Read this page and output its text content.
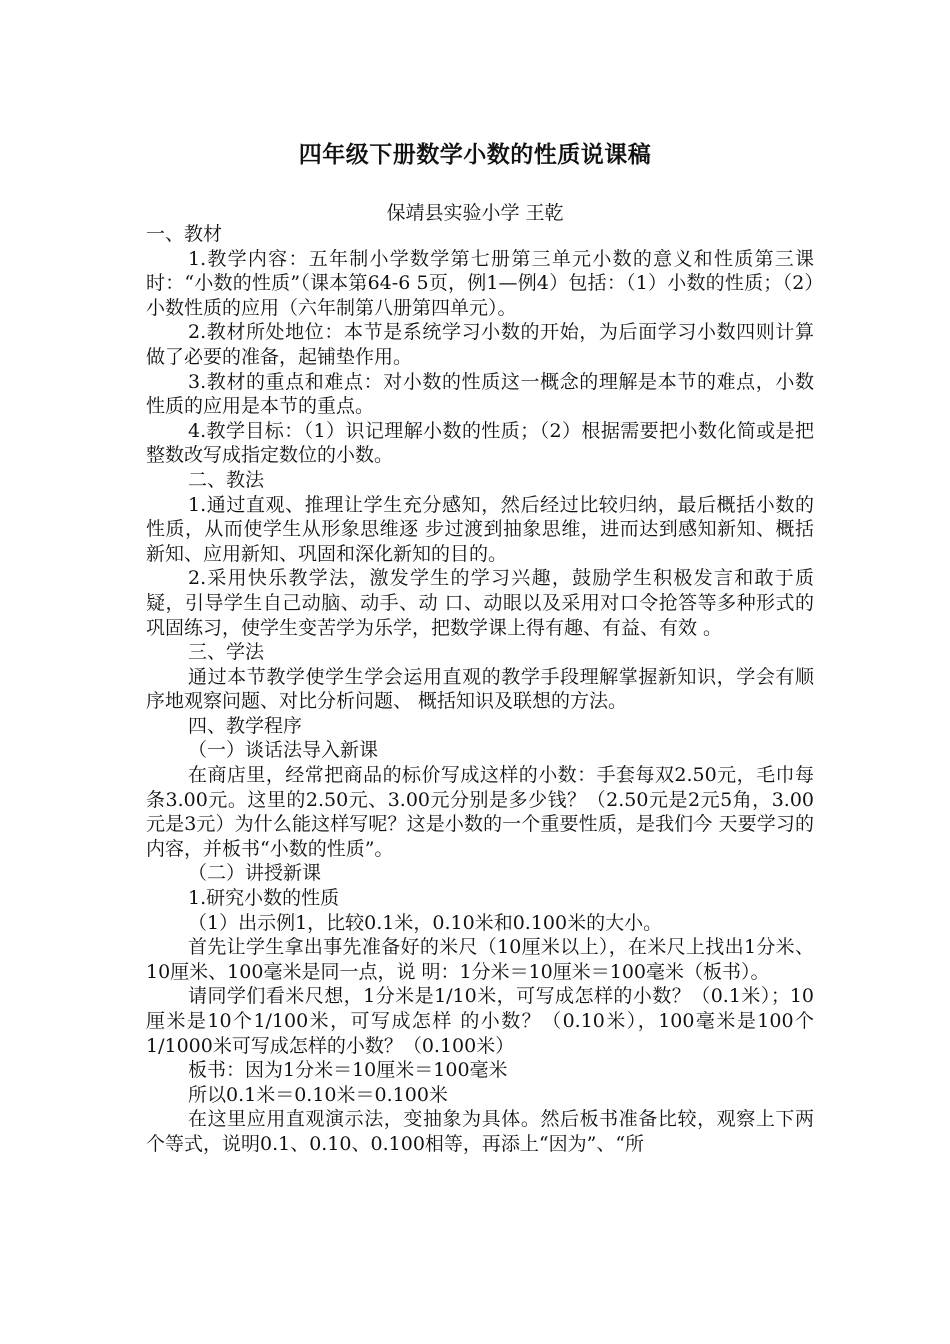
四年级下册数学小数的性质说课稿
保靖县实验小学 王乾

一、教材

1.教学内容：五年制小学数学第七册第三单元小数的意义和性质第三课时：“小数的性质”（课本第64-6 5页，例1—例4）包括：（1）小数的性质；（2）小数性质的应用（六年制第八册第四单元）。

2.教材所处地位：本节是系统学习小数的开始，为后面学习小数四则计算做了必要的准备，起铺垫作用。

3.教材的重点和难点：对小数的性质这一概念的理解是本节的难点，小数性质的应用是本节的重点。

4.教学目标：（1）识记理解小数的性质；（2）根据需要把小数化简或是把整数改写成指定数位的小数。

二、教法

1.通过直观、推理让学生充分感知，然后经过比较归纳，最后概括小数的性质，从而使学生从形象思维逐 步过渡到抽象思维，进而达到感知新知、概括新知、应用新知、巩固和深化新知的目的。

2.采用快乐教学法，激发学生的学习兴趣，鼓励学生积极发言和敢于质疑，引导学生自己动脑、动手、动 口、动眼以及采用对口令抢答等多种形式的巩固练习，使学生变苦学为乐学，把数学课上得有趣、有益、有效 。

三、学法

通过本节教学使学生学会运用直观的教学手段理解掌握新知识，学会有顺序地观察问题、对比分析问题、 概括知识及联想的方法。

四、教学程序

（一）谈话法导入新课

在商店里，经常把商品的标价写成这样的小数：手套每双2.50元，毛巾每条3.00元。这里的2.50元、3.00元分别是多少钱？（2.50元是2元5角，3.00元是3元）为什么能这样写呢？这是小数的一个重要性质，是我们今 天要学习的内容，并板书“小数的性质”。

（二）讲授新课

1.研究小数的性质

（1）出示例1，比较0.1米，0.10米和0.100米的大小。

首先让学生拿出事先准备好的米尺（10厘米以上），在米尺上找出1分米、10厘米、100毫米是同一点，说 明：1分米＝10厘米＝100毫米（板书）。

请同学们看米尺想，1分米是1/10米，可写成怎样的小数？（0.1米）；10厘米是10个1/100米，可写成怎样 的小数？（0.10米），100毫米是100个1/1000米可写成怎样的小数？（0.100米）

板书：因为1分米＝10厘米＝100毫米

所以0.1米＝0.10米＝0.100米

在这里应用直观演示法，变抽象为具体。然后板书准备比较，观察上下两个等式，说明0.1、0.10、0.100相等，再添上“因为”、“所
